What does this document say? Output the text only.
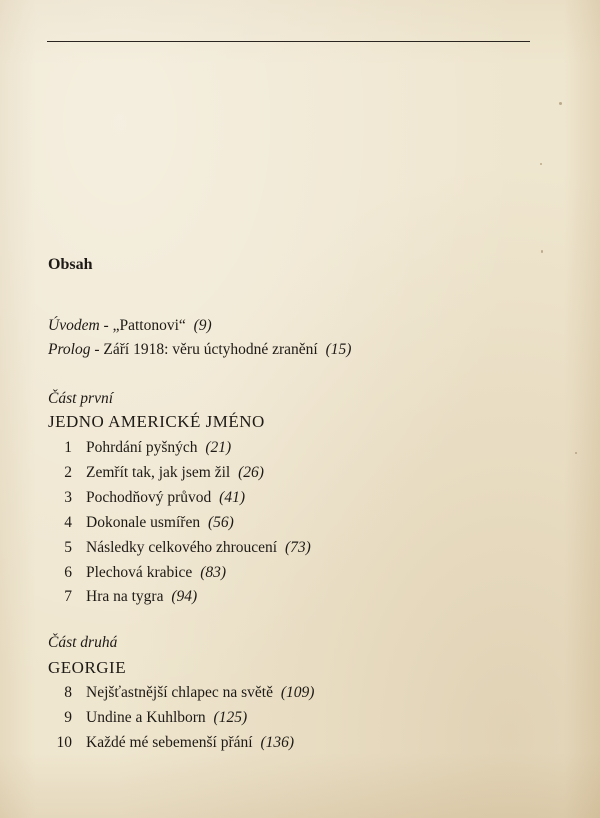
Obsah
Úvodem - „Pattonovi“ (9)
Prolog - Září 1918: věru úctyhodné zranění (15)
Část první
JEDNO AMERICKÉ JMÉNO
1 Pohrdání pyšných (21)
2 Zemřít tak, jak jsem žil (26)
3 Pochodňový průvod (41)
4 Dokonale usmířen (56)
5 Následky celkového zhroucení (73)
6 Plechová krabice (83)
7 Hra na tygra (94)
Část druhá
GEORGIE
8 Nejšťastnější chlapec na světě (109)
9 Undine a Kuhlborn (125)
10 Každé mé sebemenší přání (136)
